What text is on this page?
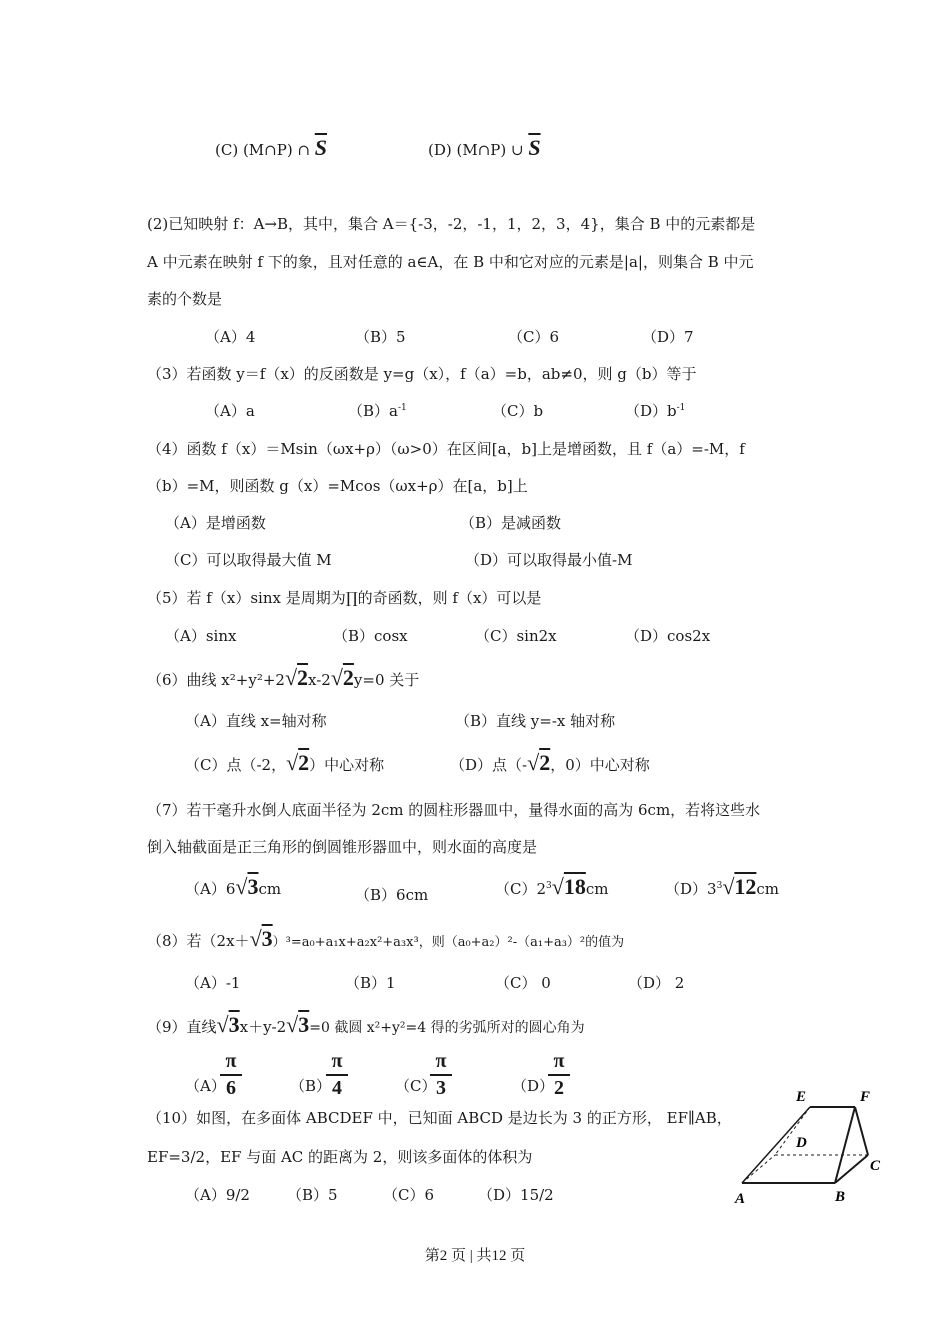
(C) (M∩P) ∩ $\overline{S}$	(D) (M∩P) ∪ $\overline{S}$
(2)已知映射 f：A→B，其中，集合 A＝{-3，-2，-1，1，2，3，4}，集合 B 中的元素都是
A 中元素在映射 f 下的象，且对任意的 a∈A，在 B 中和它对应的元素是|a|，则集合 B 中元
素的个数是
（A）4	（B）5	（C）6	（D）7
（3）若函数 y＝f（x）的反函数是 y=g（x），f（a）=b，ab≠0，则 g（b）等于
（A）a	$(B)a^{-1}$	（C）b	$(D)b^{-1}$
（4）函数 f（x）＝Msin（ωx+ρ）（ω>0）在区间[a，b]上是增函数，且 f（a）=-M，f
（b）=M，则函数 g（x）=Mcos（ωx+ρ）在[a，b]上
（A）是增函数	（B）是减函数
（C）可以取得最大值 M	（D）可以取得最小值-M
（5）若 f（x）sinx 是周期为∏的奇函数，则 f（x）可以是
（A）sinx	（B）cosx	（C）sin2x	（D）cos2x
（6）曲线 x²+y²+2√2x-2√2y=0 关于
（A）直线 x=轴对称	（B）直线 y=-x 轴对称
（C）点（-2，√2）中心对称	（D）点（-√2，0）中心对称
（7）若干毫升水倒人底面半径为 2cm 的圆柱形器皿中，量得水面的高为 6cm，若将这些水
倒入轴截面是正三角形的倒圆锥形器皿中，则水面的高度是
（A）6√3cm	（B）6cm	$(C)2^3√18cm$	$(D)3^3√12cm$
（8）若（2x＋√3）³=a₀+a₁x+a₂x²+a₃x³，则（a₀+a₂）²-（a₁+a₃）²的值为
（A）-1	（B）1	（C） 0	（D） 2
（9）直线√3x＋y-2√3=0 截圆 x²+y²=4 得的劣弧所对的圆心角为
（A）
π
6	（B）
π
4	（C）
π
3	（D）
π
2
（10）如图，在多面体 ABCDEF 中，已知面 ABCD 是边长为 3 的正方形， EF∥AB，
EF=3/2，EF 与面 AC 的距离为 2，则该多面体的体积为
（A）9/2 （B）5	（C）6	（D）15/2
E	F
D
C
A	B
第2 页 | 共12 页
